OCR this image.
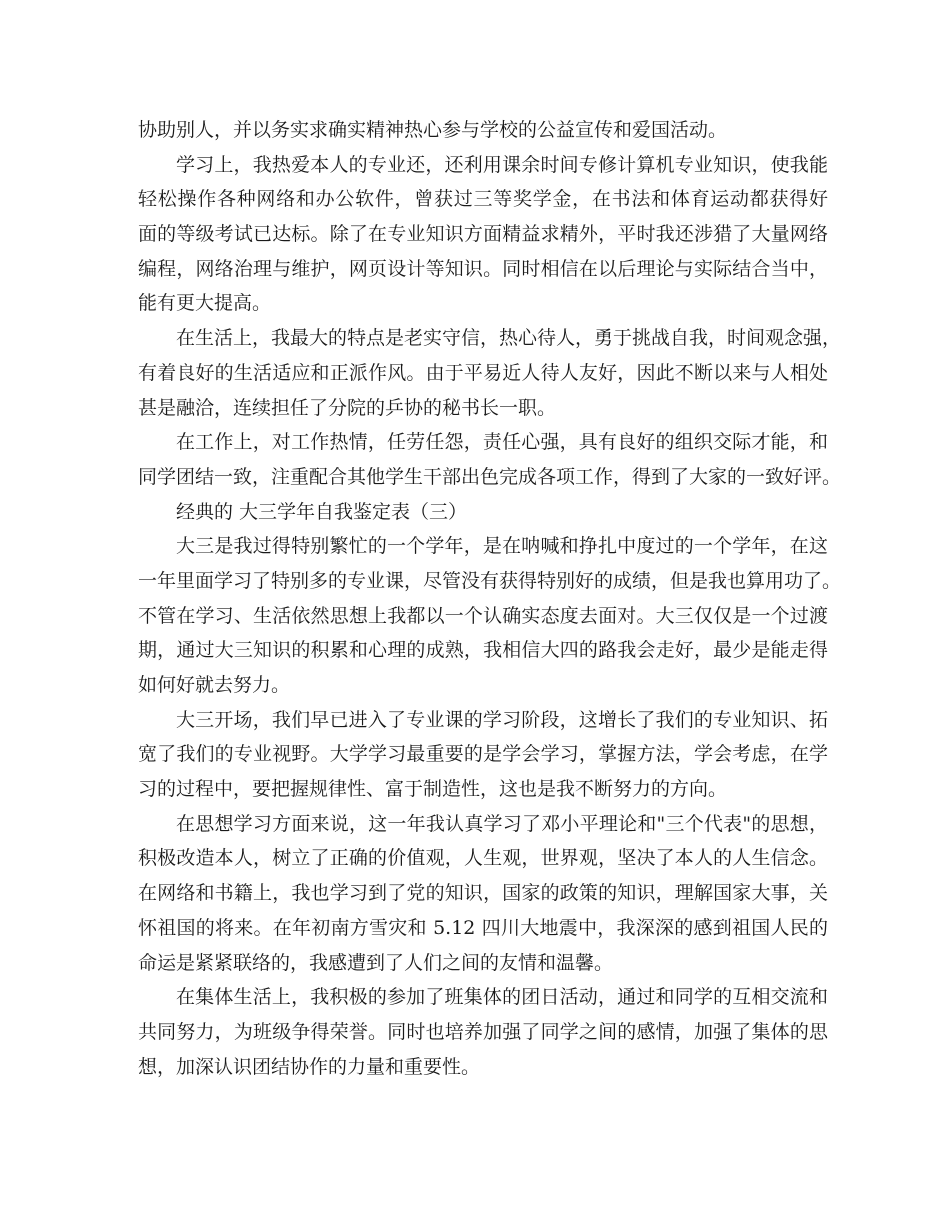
协助别人，并以务实求确实精神热心参与学校的公益宣传和爱国活动。
学习上，我热爱本人的专业还，还利用课余时间专修计算机专业知识，使我能
轻松操作各种网络和办公软件，曾获过三等奖学金，在书法和体育运动都获得好
面的等级考试已达标。除了在专业知识方面精益求精外，平时我还涉猎了大量网络
编程，网络治理与维护，网页设计等知识。同时相信在以后理论与实际结合当中，
能有更大提高。
在生活上，我最大的特点是老实守信，热心待人，勇于挑战自我，时间观念强，
有着良好的生活适应和正派作风。由于平易近人待人友好，因此不断以来与人相处
甚是融洽，连续担任了分院的乒协的秘书长一职。
在工作上，对工作热情，任劳任怨，责任心强，具有良好的组织交际才能，和
同学团结一致，注重配合其他学生干部出色完成各项工作，得到了大家的一致好评。
经典的 大三学年自我鉴定表（三）
大三是我过得特别繁忙的一个学年，是在呐喊和挣扎中度过的一个学年，在这
一年里面学习了特别多的专业课，尽管没有获得特别好的成绩，但是我也算用功了。
不管在学习、生活依然思想上我都以一个认确实态度去面对。大三仅仅是一个过渡
期，通过大三知识的积累和心理的成熟，我相信大四的路我会走好，最少是能走得
如何好就去努力。
大三开场，我们早已进入了专业课的学习阶段，这增长了我们的专业知识、拓
宽了我们的专业视野。大学学习最重要的是学会学习，掌握方法，学会考虑，在学
习的过程中，要把握规律性、富于制造性，这也是我不断努力的方向。
在思想学习方面来说，这一年我认真学习了邓小平理论和"三个代表"的思想，
积极改造本人，树立了正确的价值观，人生观，世界观，坚决了本人的人生信念。
在网络和书籍上，我也学习到了党的知识，国家的政策的知识，理解国家大事，关
怀祖国的将来。在年初南方雪灾和 5.12 四川大地震中，我深深的感到祖国人民的
命运是紧紧联络的，我感遭到了人们之间的友情和温馨。
在集体生活上，我积极的参加了班集体的团日活动，通过和同学的互相交流和
共同努力，为班级争得荣誉。同时也培养加强了同学之间的感情，加强了集体的思
想，加深认识团结协作的力量和重要性。
